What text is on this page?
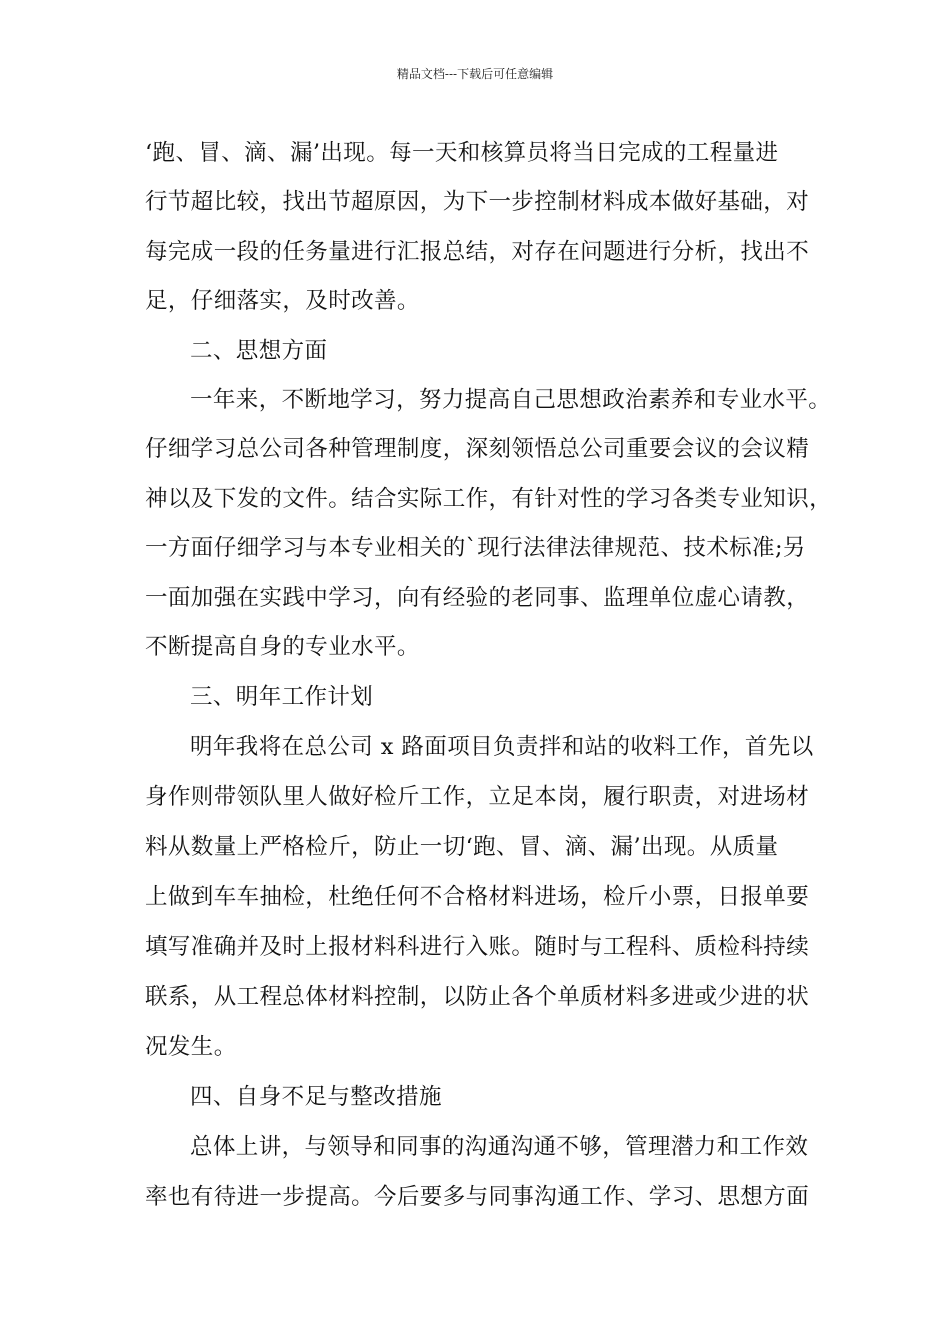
精品文档---下载后可任意编辑
‘跑、冒、滴、漏’出现。每一天和核算员将当日完成的工程量进
行节超比较，找出节超原因，为下一步控制材料成本做好基础，对
每完成一段的任务量进行汇报总结，对存在问题进行分析，找出不
足，仔细落实，及时改善。
二、思想方面
一年来，不断地学习，努力提高自己思想政治素养和专业水平。
仔细学习总公司各种管理制度，深刻领悟总公司重要会议的会议精
神以及下发的文件。结合实际工作，有针对性的学习各类专业知识，
一方面仔细学习与本专业相关的`现行法律法律规范、技术标准;另
一面加强在实践中学习，向有经验的老同事、监理单位虚心请教，
不断提高自身的专业水平。
三、明年工作计划
明年我将在总公司 x 路面项目负责拌和站的收料工作，首先以
身作则带领队里人做好检斤工作，立足本岗，履行职责，对进场材
料从数量上严格检斤，防止一切‘跑、冒、滴、漏’出现。从质量
上做到车车抽检，杜绝任何不合格材料进场，检斤小票，日报单要
填写准确并及时上报材料科进行入账。随时与工程科、质检科持续
联系，从工程总体材料控制，以防止各个单质材料多进或少进的状
况发生。
四、自身不足与整改措施
总体上讲，与领导和同事的沟通沟通不够，管理潜力和工作效
率也有待进一步提高。今后要多与同事沟通工作、学习、思想方面
